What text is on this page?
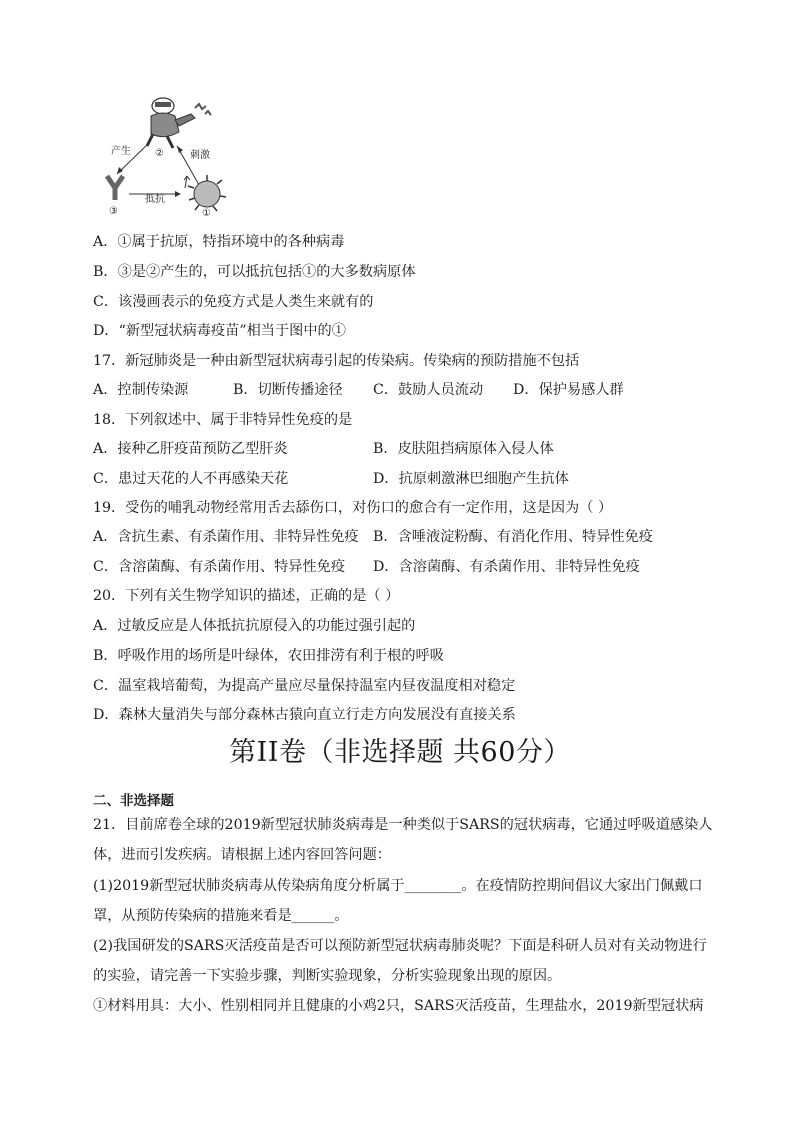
②
产生	刺激
抵抗
③	①
A．①属于抗原，特指环境中的各种病毒
B．③是②产生的，可以抵抗包括①的大多数病原体
C．该漫画表示的免疫方式是人类生来就有的
D．“新型冠状病毒疫苗”相当于图中的①
17．新冠肺炎是一种由新型冠状病毒引起的传染病。传染病的预防措施不包括
A．控制传染源	B．切断传播途径 C．鼓励人员流动 D．保护易感人群
18．下列叙述中、属于非特异性免疫的是
A．接种乙肝疫苗预防乙型肝炎	B．皮肤阻挡病原体入侵人体
C．患过天花的人不再感染天花	D．抗原刺激淋巴细胞产生抗体
19．受伤的哺乳动物经常用舌去舔伤口，对伤口的愈合有一定作用，这是因为（ ）
A．含抗生素、有杀菌作用、非特异性免疫 B．含唾液淀粉酶、有消化作用、特异性免疫
C．含溶菌酶、有杀菌作用、特异性免疫 D．含溶菌酶、有杀菌作用、非特异性免疫
20．下列有关生物学知识的描述，正确的是（ ）
A．过敏反应是人体抵抗抗原侵入的功能过强引起的
B．呼吸作用的场所是叶绿体，农田排涝有利于根的呼吸
C．温室栽培葡萄，为提高产量应尽量保持温室内昼夜温度相对稳定
D．森林大量消失与部分森林古猿向直立行走方向发展没有直接关系
第II卷（非选择题 共60分）
二、非选择题
21．目前席卷全球的2019新型冠状肺炎病毒是一种类似于SARS的冠状病毒，它通过呼吸道感染人
体，进而引发疾病。请根据上述内容回答问题：
(1)2019新型冠状肺炎病毒从传染病角度分析属于________。在疫情防控期间倡议大家出门佩戴口
罩，从预防传染病的措施来看是______。
(2)我国研发的SARS灭活疫苗是否可以预防新型冠状病毒肺炎呢？下面是科研人员对有关动物进行
的实验，请完善一下实验步骤，判断实验现象，分析实验现象出现的原因。
①材料用具：大小、性别相同并且健康的小鸡2只，SARS灭活疫苗，生理盐水，2019新型冠状病
